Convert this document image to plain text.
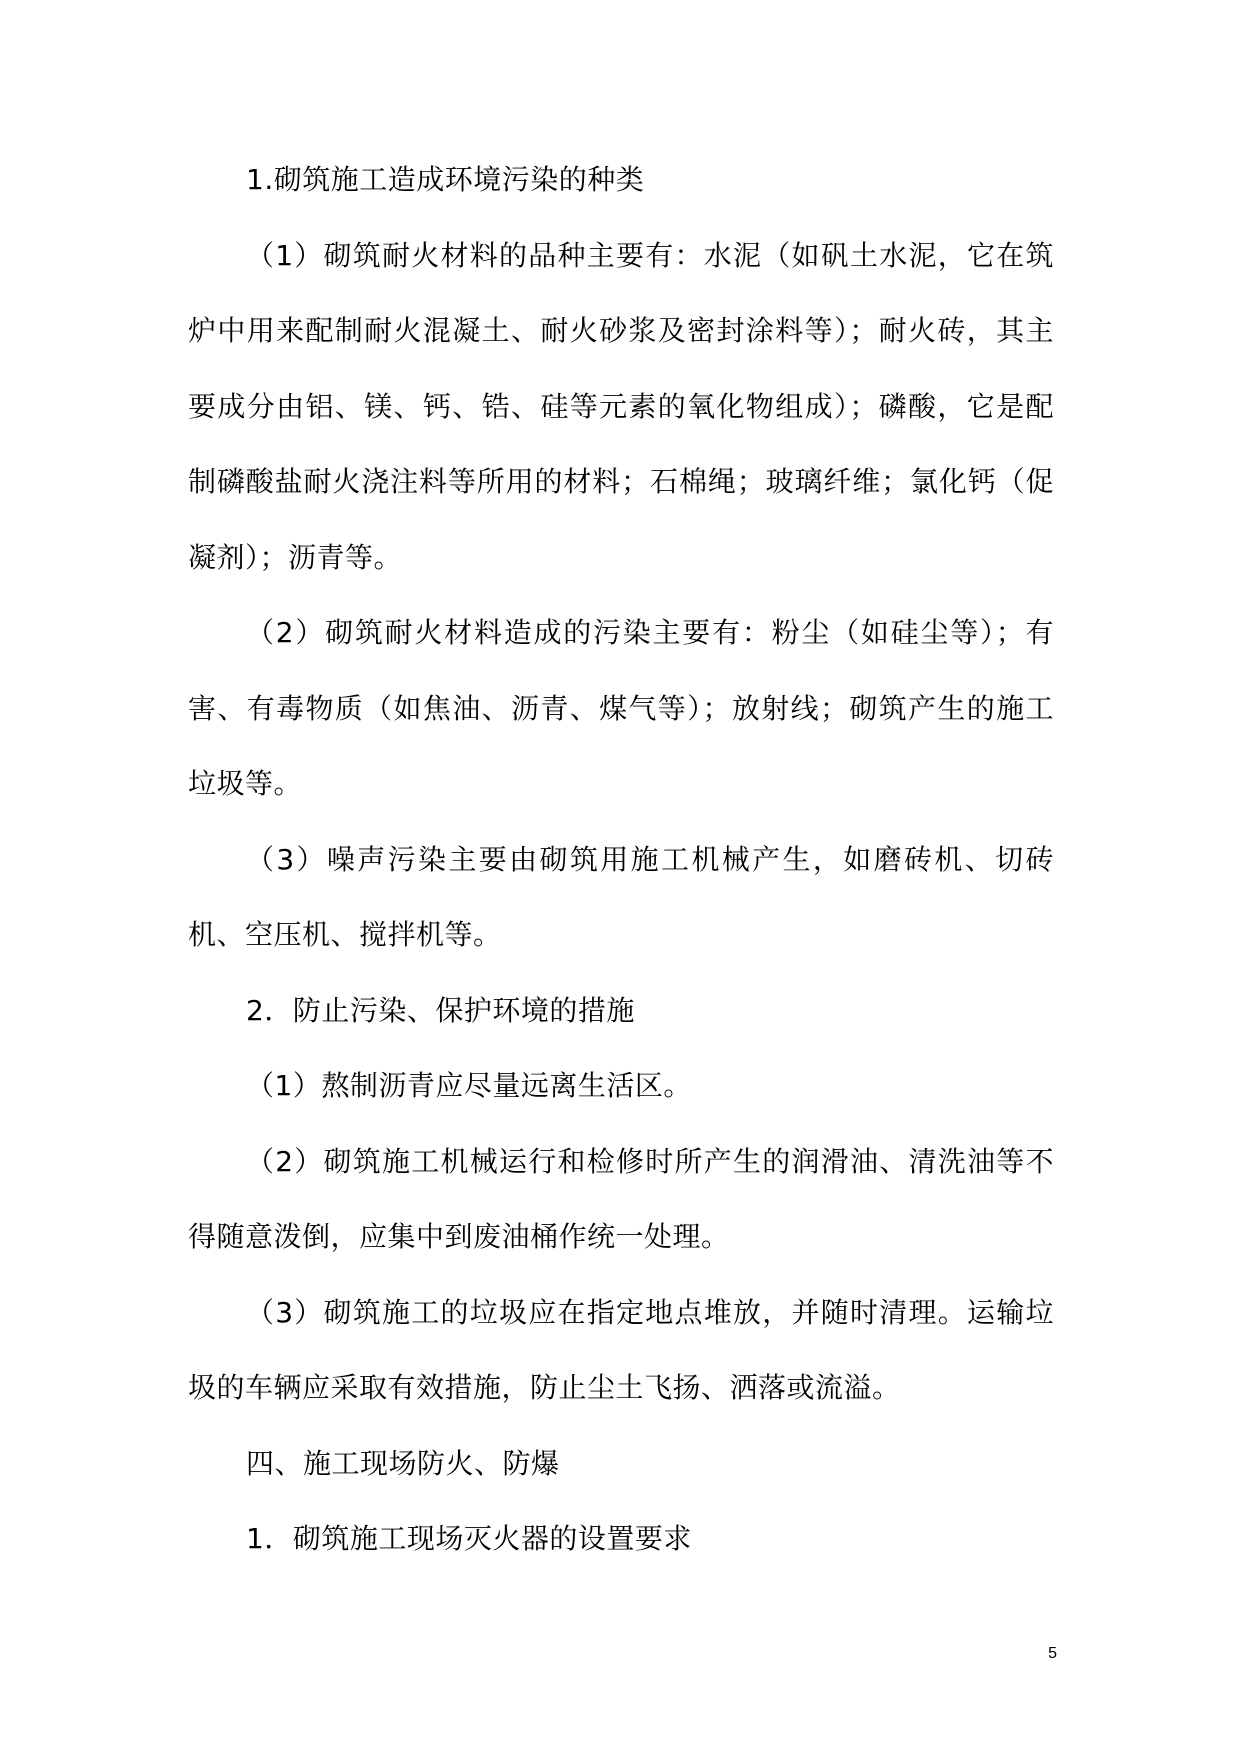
1.砌筑施工造成环境污染的种类

（1）砌筑耐火材料的品种主要有：水泥（如矾土水泥，它在筑炉中用来配制耐火混凝土、耐火砂浆及密封涂料等）；耐火砖，其主要成分由铝、镁、钙、锆、硅等元素的氧化物组成）；磷酸，它是配制磷酸盐耐火浇注料等所用的材料；石棉绳；玻璃纤维；氯化钙（促凝剂）；沥青等。

（2）砌筑耐火材料造成的污染主要有：粉尘（如硅尘等）；有害、有毒物质（如焦油、沥青、煤气等）；放射线；砌筑产生的施工垃圾等。

（3）噪声污染主要由砌筑用施工机械产生，如磨砖机、切砖机、空压机、搅拌机等。

2．防止污染、保护环境的措施

（1）熬制沥青应尽量远离生活区。

（2）砌筑施工机械运行和检修时所产生的润滑油、清洗油等不得随意泼倒，应集中到废油桶作统一处理。

（3）砌筑施工的垃圾应在指定地点堆放，并随时清理。运输垃圾的车辆应采取有效措施，防止尘土飞扬、洒落或流溢。

四、施工现场防火、防爆

1．砌筑施工现场灭火器的设置要求

5
